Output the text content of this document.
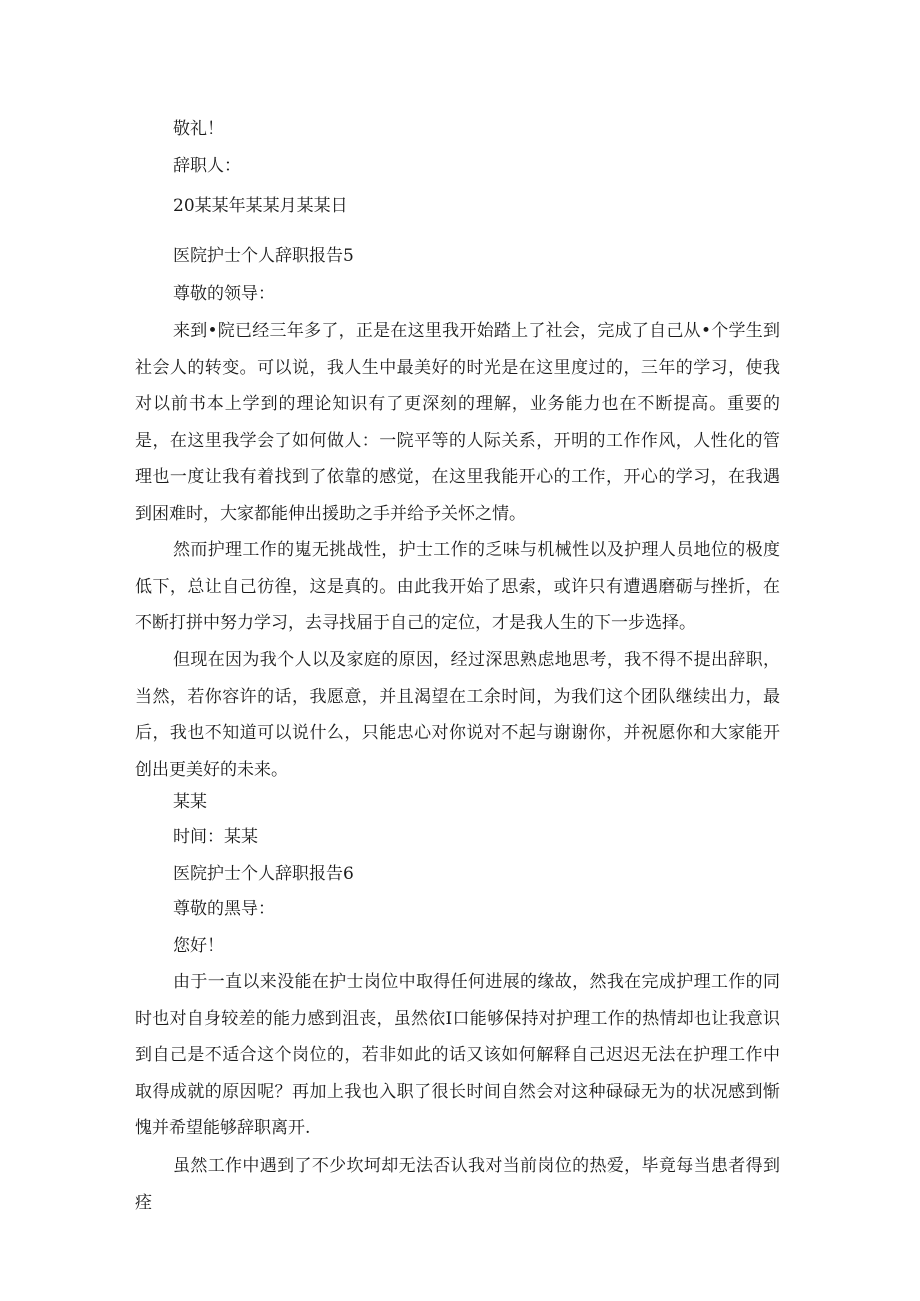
敬礼！
辞职人：
20某某年某某月某某日
医院护士个人辞职报告5
尊敬的领导：

来到•院已经三年多了，正是在这里我开始踏上了社会，完成了自己从•个学生到社会人的转变。可以说，我人生中最美好的时光是在这里度过的，三年的学习，使我对以前书本上学到的理论知识有了更深刻的理解，业务能力也在不断提高。重要的是，在这里我学会了如何做人：一院平等的人际关系，开明的工作作风，人性化的管理也一度让我有着找到了依靠的感觉，在这里我能开心的工作，开心的学习，在我遇到困难时，大家都能伸出援助之手并给予关怀之情。

然而护理工作的嵬无挑战性，护士工作的乏味与机械性以及护理人员地位的极度低下，总让自己彷徨，这是真的。由此我开始了思索，或许只有遭遇磨砺与挫折，在不断打拼中努力学习，去寻找届于自己的定位，才是我人生的下一步选择。

但现在因为我个人以及家庭的原因，经过深思熟虑地思考，我不得不提出辞职，当然，若你容许的话，我愿意，并且渴望在工余时间，为我们这个团队继续出力，最后，我也不知道可以说什么，只能忠心对你说对不起与谢谢你，并祝愿你和大家能开创出更美好的未来。

某某
时间：某某
医院护士个人辞职报告6
尊敬的黑导：
您好！

由于一直以来没能在护士岗位中取得任何进展的缘故，然我在完成护理工作的同时也对自身较差的能力感到沮丧，虽然依I口能够保持对护理工作的热情却也让我意识到自己是不适合这个岗位的，若非如此的话又该如何解释自己迟迟无法在护理工作中取得成就的原因呢？再加上我也入职了很长时间自然会对这种碌碌无为的状况感到惭愧并希望能够辞职离开.

虽然工作中遇到了不少坎坷却无法否认我对当前岗位的热爱，毕竟每当患者得到痊
